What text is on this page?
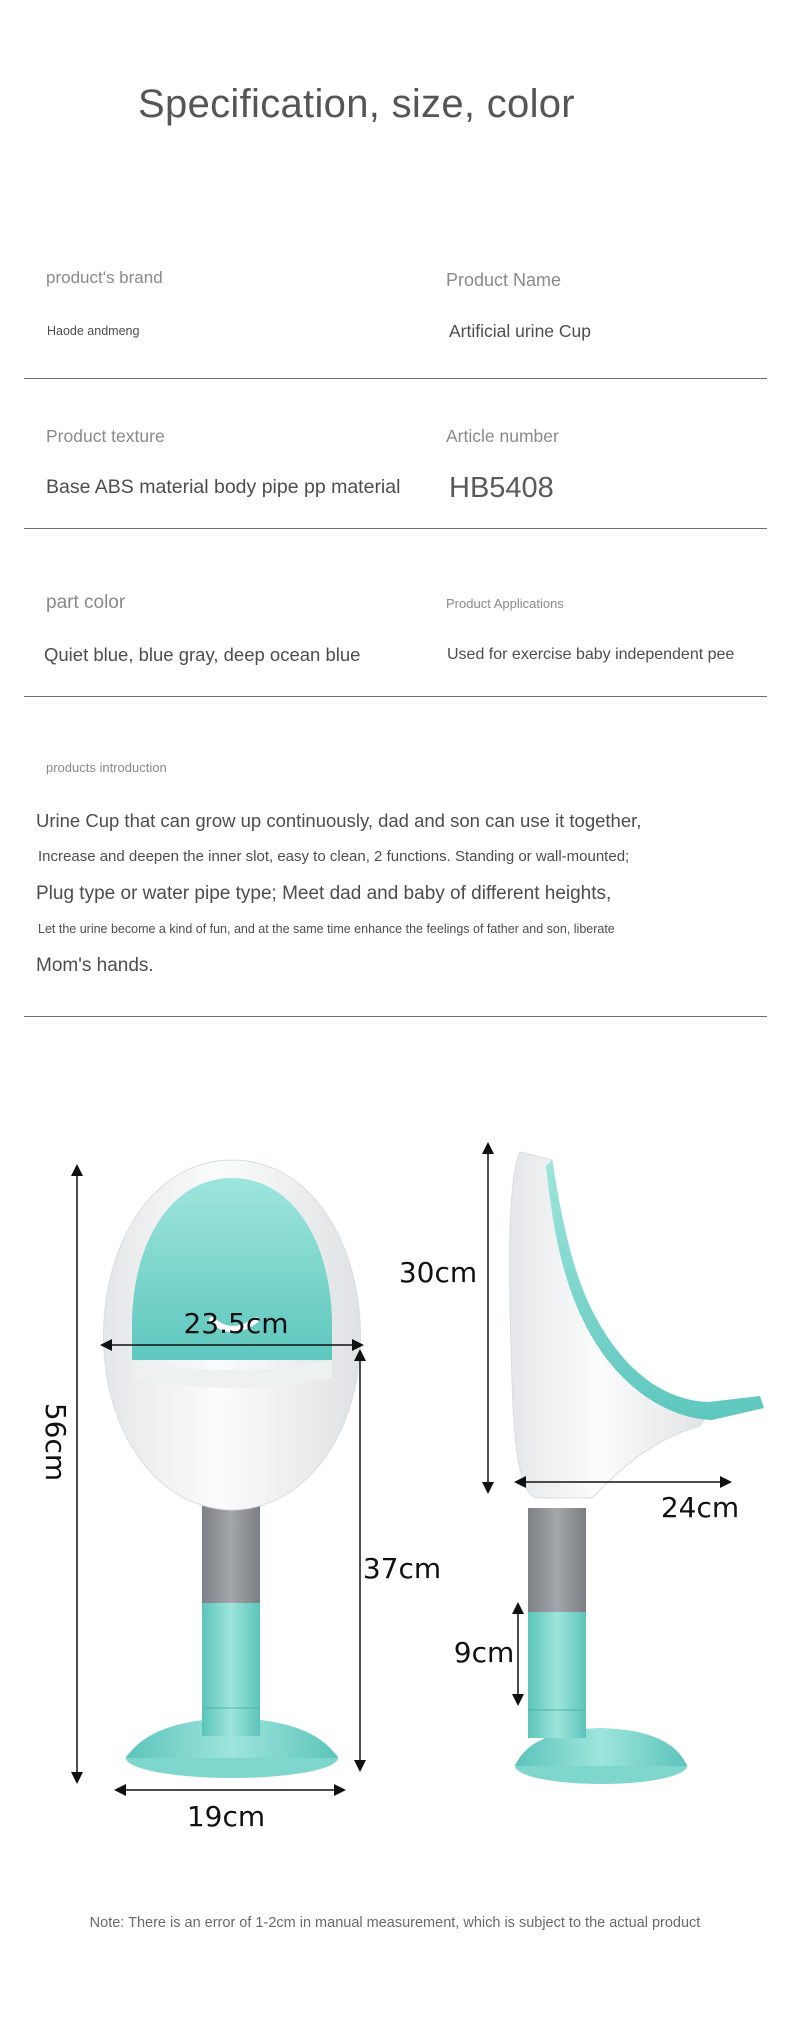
Specification, size, color
product's brand
Haode andmeng
Product Name
Artificial urine Cup
Product texture
Base ABS material body pipe pp material
Article number
HB5408
part color
Quiet blue, blue gray, deep ocean blue
Product Applications
Used for exercise baby independent pee
products introduction
Urine Cup that can grow up continuously, dad and son can use it together,
Increase and deepen the inner slot, easy to clean, 2 functions. Standing or wall-mounted;
Plug type or water pipe type; Meet dad and baby of different heights,
Let the urine become a kind of fun, and at the same time enhance the feelings of father and son, liberate
Mom's hands.
56cm
23.5cm
37cm
19cm
30cm
24cm
9cm
Note: There is an error of 1-2cm in manual measurement, which is subject to the actual product
